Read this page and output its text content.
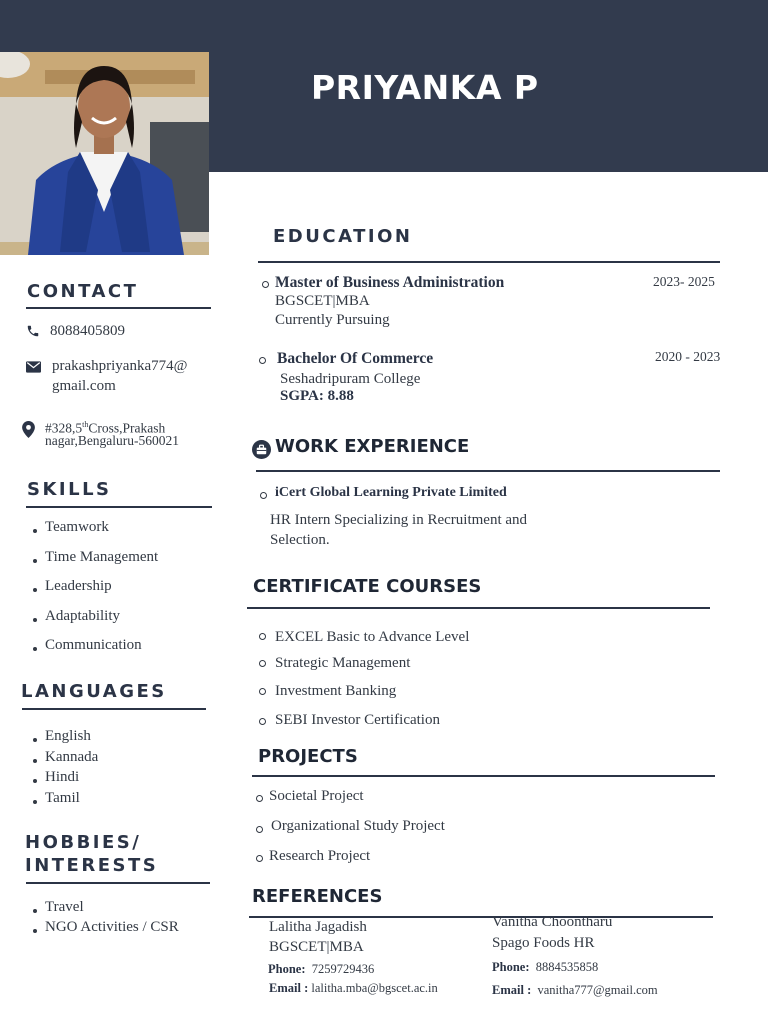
PRIYANKA P
CONTACT
8088405809
prakashpriyanka774@
gmail.com
#328,5thCross,Prakash
nagar,Bengaluru-560021
SKILLS
Teamwork
Time Management
Leadership
Adaptability
Communication
LANGUAGES
English
Kannada
Hindi
Tamil
HOBBIES/
INTERESTS
Travel
NGO Activities / CSR
EDUCATION
Master of Business Administration	2023- 2025
BGSCET|MBA
Currently Pursuing
Bachelor Of Commerce	2020 - 2023
Seshadripuram College
SGPA: 8.88
WORK EXPERIENCE
iCert Global Learning Private Limited
HR Intern Specializing in Recruitment and
Selection.
CERTIFICATE COURSES
EXCEL Basic to Advance Level
Strategic Management
Investment Banking
SEBI Investor Certification
PROJECTS
Societal Project
Organizational Study Project
Research Project
REFERENCES
Lalitha Jagadish
BGSCET|MBA
Phone: 7259729436
Email : lalitha.mba@bgscet.ac.in
Vanitha Choontharu
Spago Foods HR
Phone: 8884535858
Email : vanitha777@gmail.com
